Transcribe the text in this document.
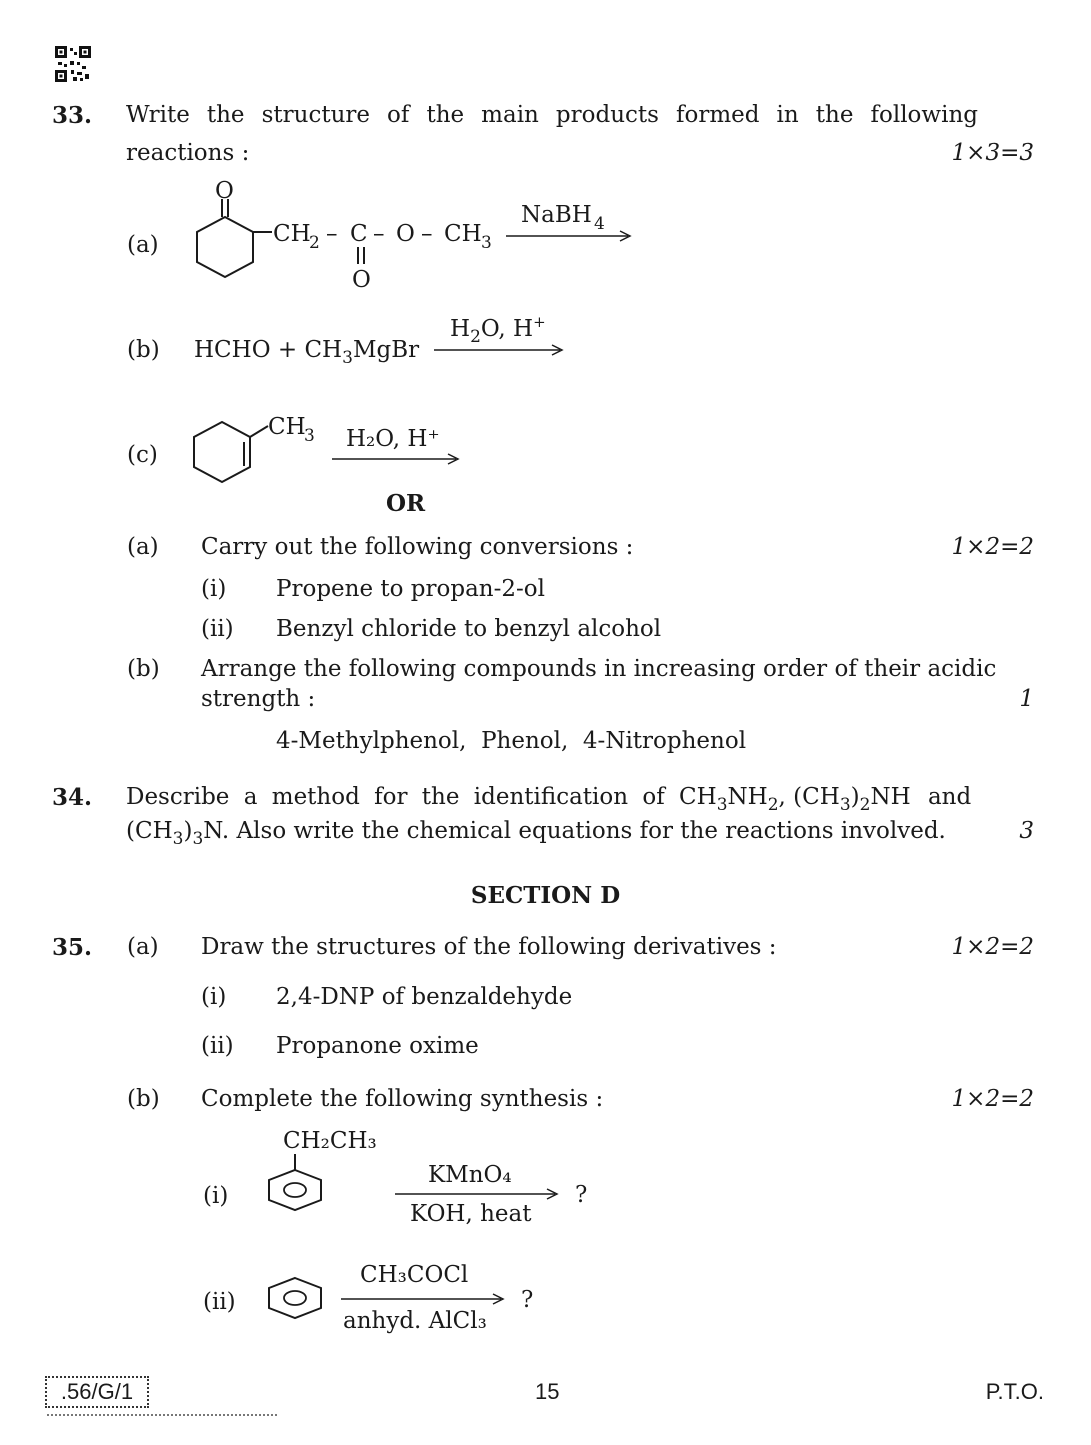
33. Write the structure of the main products formed in the following
reactions :	1×3=3
(a)
O
CH
2 – C – O – CH 3
O
NaBH 4
(b) HCHO + $CH_3MgBr$
$H_2O$, H+
(c)
CH
3 H₂O, H⁺
OR
(a) Carry out the following conversions :	1×2=2
(i) Propene to propan-2-ol
(ii) Benzyl chloride to benzyl alcohol
(b) Arrange the following compounds in increasing order of their acidic
strength :	1
4-Methylphenol,  Phenol,  4-Nitrophenol
34. Describe a method for the identification of $CH_3NH_2$, $(CH_3)_2NH$ and
$(CH_3)_3N$. Also write the chemical equations for the reactions involved.	3
SECTION D
35. (a) Draw the structures of the following derivatives :	1×2=2
(i) 2,4-DNP of benzaldehyde
(ii) Propanone oxime
(b) Complete the following synthesis :	1×2=2
(i)
CH₂CH₃
KMnO₄
KOH, heat
?
(ii)
CH₃COCl
anhyd. AlCl₃
?
.56/G/1	15	P.T.O.
